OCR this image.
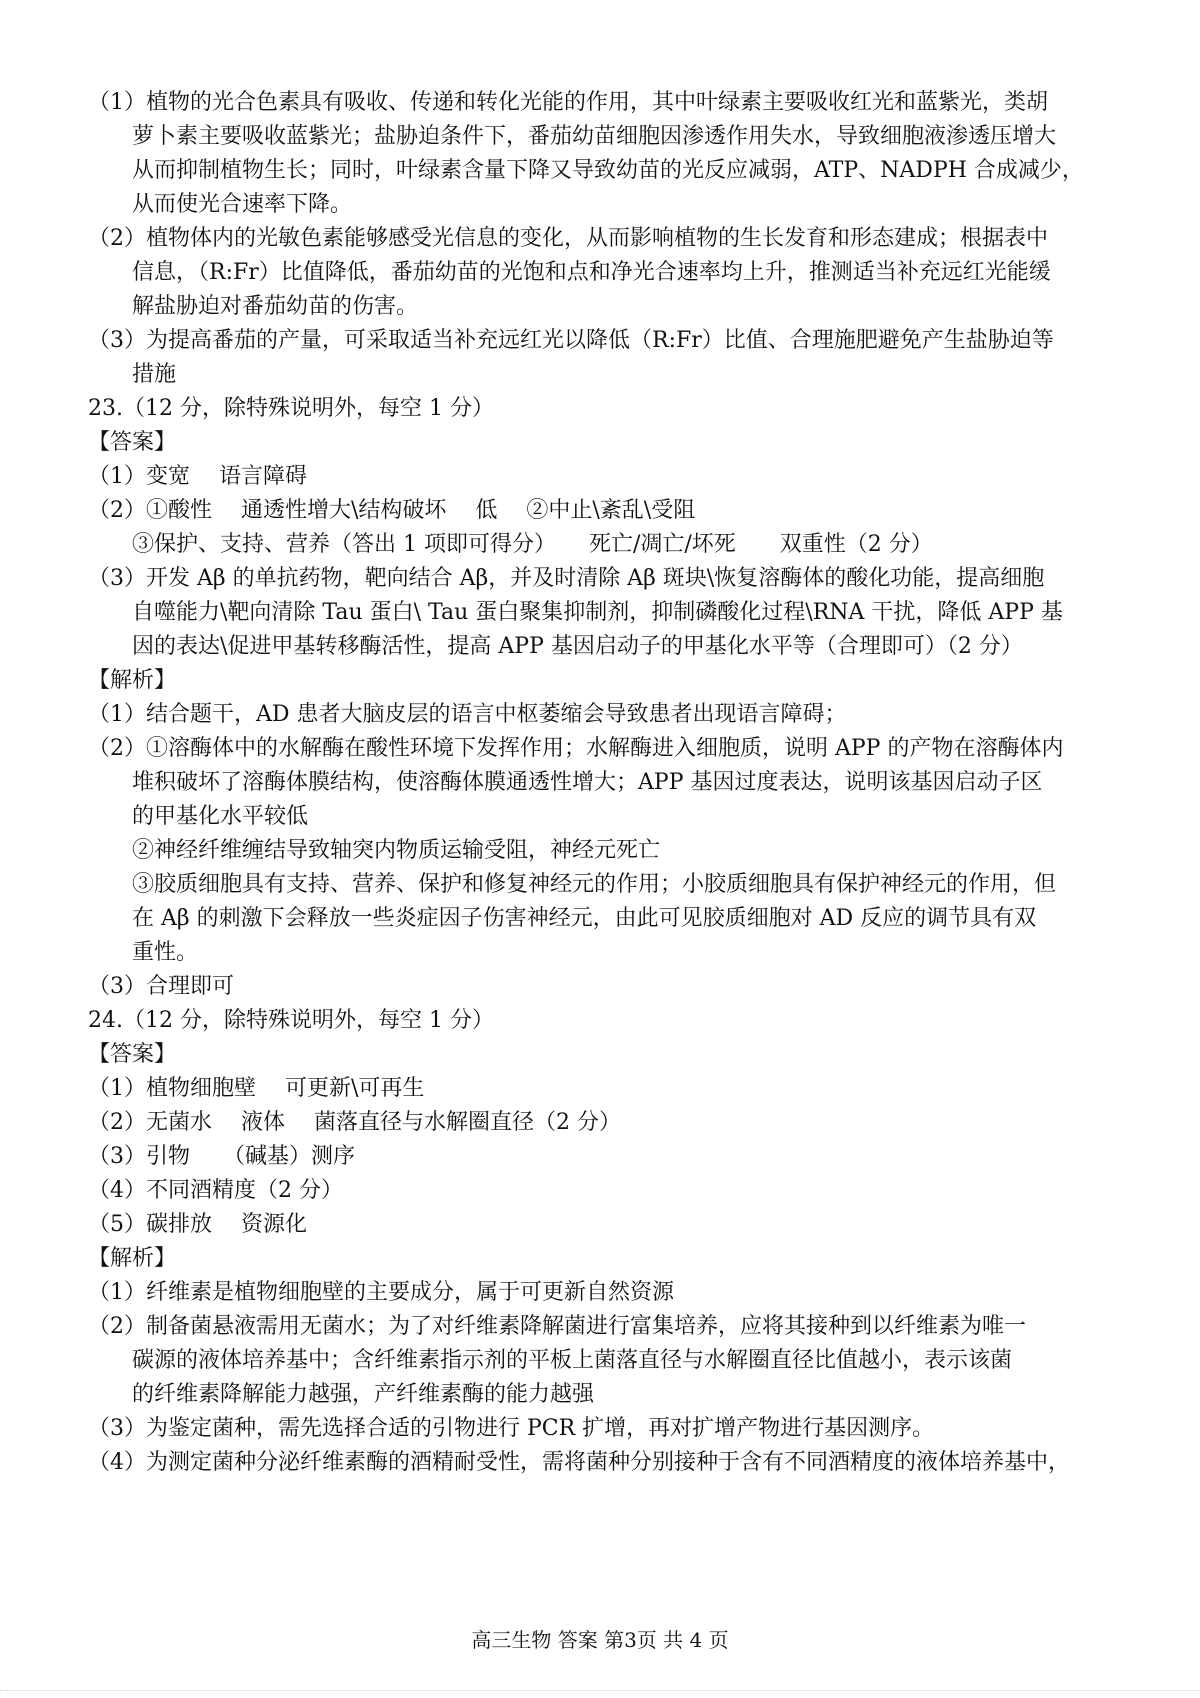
（1）植物的光合色素具有吸收、传递和转化光能的作用，其中叶绿素主要吸收红光和蓝紫光，类胡
萝卜素主要吸收蓝紫光；盐胁迫条件下，番茄幼苗细胞因渗透作用失水，导致细胞液渗透压增大
从而抑制植物生长；同时，叶绿素含量下降又导致幼苗的光反应减弱，ATP、NADPH 合成减少，
从而使光合速率下降。
（2）植物体内的光敏色素能够感受光信息的变化，从而影响植物的生长发育和形态建成；根据表中
信息，（R:Fr）比值降低，番茄幼苗的光饱和点和净光合速率均上升，推测适当补充远红光能缓
解盐胁迫对番茄幼苗的伤害。
（3）为提高番茄的产量，可采取适当补充远红光以降低（R:Fr）比值、合理施肥避免产生盐胁迫等
措施
23.（12 分，除特殊说明外，每空 1 分）
【答案】
（1）变宽　 语言障碍
（2）①酸性　 通透性增大\结构破坏　 低　 ②中止\紊乱\受阻
③保护、支持、营养（答出 1 项即可得分）　　死亡/凋亡/坏死　　双重性（2 分）
（3）开发 Aβ 的单抗药物，靶向结合 Aβ，并及时清除 Aβ 斑块\恢复溶酶体的酸化功能，提高细胞
自噬能力\靶向清除 Tau 蛋白\ Tau 蛋白聚集抑制剂，抑制磷酸化过程\RNA 干扰，降低 APP 基
因的表达\促进甲基转移酶活性，提高 APP 基因启动子的甲基化水平等（合理即可）（2 分）
【解析】
（1）结合题干，AD 患者大脑皮层的语言中枢萎缩会导致患者出现语言障碍；
（2）①溶酶体中的水解酶在酸性环境下发挥作用；水解酶进入细胞质，说明 APP 的产物在溶酶体内
堆积破坏了溶酶体膜结构，使溶酶体膜通透性增大；APP 基因过度表达，说明该基因启动子区
的甲基化水平较低
②神经纤维缠结导致轴突内物质运输受阻，神经元死亡
③胶质细胞具有支持、营养、保护和修复神经元的作用；小胶质细胞具有保护神经元的作用，但
在 Aβ 的刺激下会释放一些炎症因子伤害神经元，由此可见胶质细胞对 AD 反应的调节具有双
重性。
（3）合理即可
24.（12 分，除特殊说明外，每空 1 分）
【答案】
（1）植物细胞壁　 可更新\可再生
（2）无菌水　 液体　 菌落直径与水解圈直径（2 分）
（3）引物　　（碱基）测序
（4）不同酒精度（2 分）
（5）碳排放　 资源化
【解析】
（1）纤维素是植物细胞壁的主要成分，属于可更新自然资源
（2）制备菌悬液需用无菌水；为了对纤维素降解菌进行富集培养，应将其接种到以纤维素为唯一
碳源的液体培养基中；含纤维素指示剂的平板上菌落直径与水解圈直径比值越小，表示该菌
的纤维素降解能力越强，产纤维素酶的能力越强
（3）为鉴定菌种，需先选择合适的引物进行 PCR 扩增，再对扩增产物进行基因测序。
（4）为测定菌种分泌纤维素酶的酒精耐受性，需将菌种分别接种于含有不同酒精度的液体培养基中，
高三生物 答案 第3页 共 4 页
